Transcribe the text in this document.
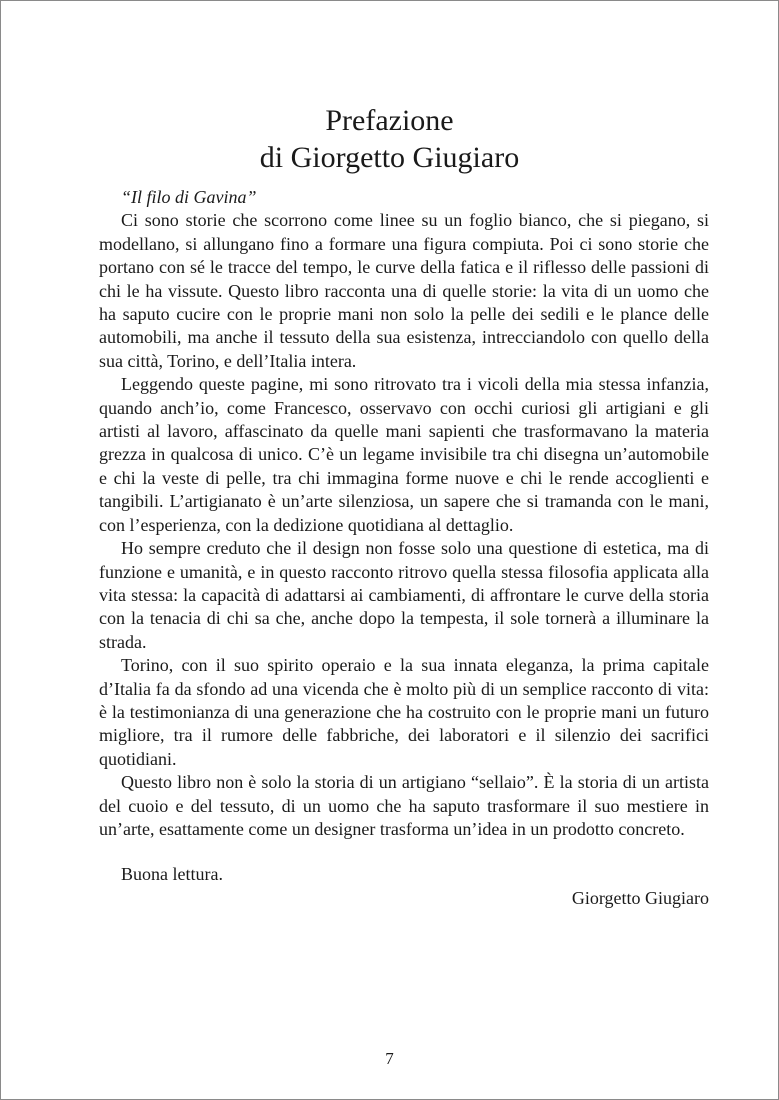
Prefazione
di Giorgetto Giugiaro

“Il filo di Gavina”

Ci sono storie che scorrono come linee su un foglio bianco, che si piegano, si modellano, si allungano fino a formare una figura compiuta. Poi ci sono storie che portano con sé le tracce del tempo, le curve della fatica e il riflesso delle passioni di chi le ha vissute. Questo libro racconta una di quelle storie: la vita di un uomo che ha saputo cucire con le proprie mani non solo la pelle dei sedili e le plance delle automobili, ma anche il tessuto della sua esistenza, intrecciandolo con quello della sua città, Torino, e dell’Italia intera.

Leggendo queste pagine, mi sono ritrovato tra i vicoli della mia stessa infanzia, quando anch’io, come Francesco, osservavo con occhi curiosi gli artigiani e gli artisti al lavoro, affascinato da quelle mani sapienti che trasformavano la materia grezza in qualcosa di unico. C’è un legame invisibile tra chi disegna un’automobile e chi la veste di pelle, tra chi immagina forme nuove e chi le rende accoglienti e tangibili. L’artigianato è un’arte silenziosa, un sapere che si tramanda con le mani, con l’esperienza, con la dedizione quotidiana al dettaglio.

Ho sempre creduto che il design non fosse solo una questione di estetica, ma di funzione e umanità, e in questo racconto ritrovo quella stessa filosofia applicata alla vita stessa: la capacità di adattarsi ai cambiamenti, di affrontare le curve della storia con la tenacia di chi sa che, anche dopo la tempesta, il sole tornerà a illuminare la strada.

Torino, con il suo spirito operaio e la sua innata eleganza, la prima capitale d’Italia fa da sfondo ad una vicenda che è molto più di un semplice racconto di vita: è la testimonianza di una generazione che ha costruito con le proprie mani un futuro migliore, tra il rumore delle fabbriche, dei laboratori e il silenzio dei sacrifici quotidiani.

Questo libro non è solo la storia di un artigiano “sellaio”. È la storia di un artista del cuoio e del tessuto, di un uomo che ha saputo trasformare il suo mestiere in un’arte, esattamente come un designer trasforma un’idea in un prodotto concreto.

Buona lettura.

Giorgetto Giugiaro

7
